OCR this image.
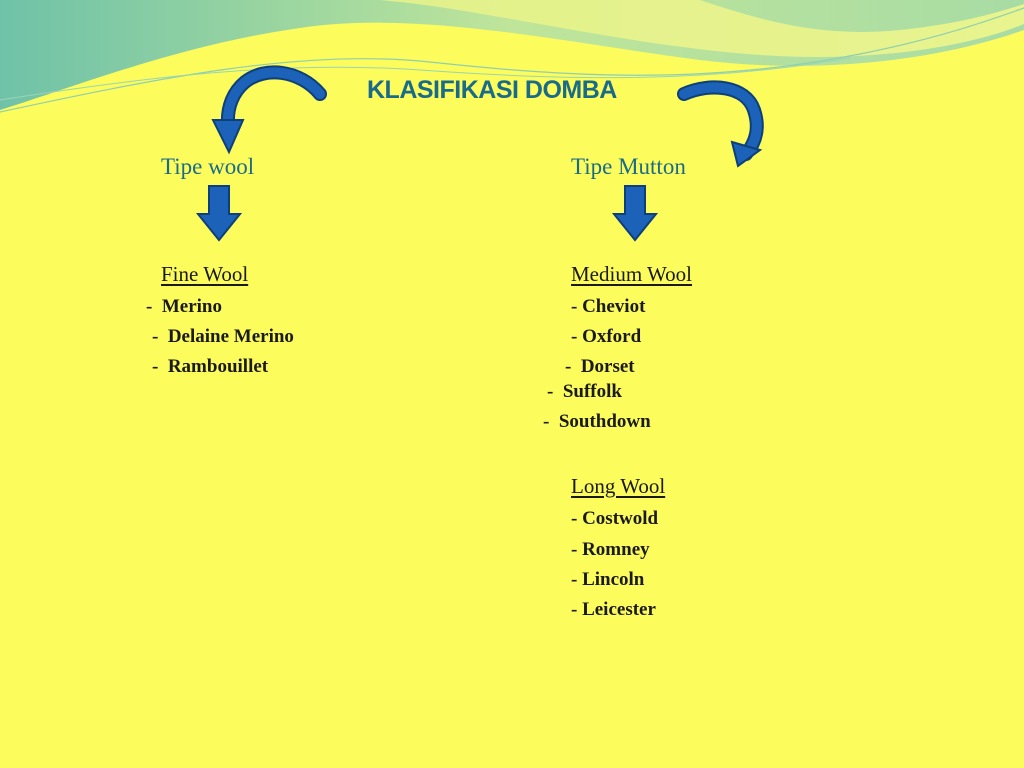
KLASIFIKASI DOMBA
Tipe wool	Tipe Mutton
Fine Wool

-  Merino

-  Delaine Merino

-  Rambouillet

Medium Wool

- Cheviot

- Oxford

-  Dorset

-  Suffolk

-  Southdown

Long Wool

- Costwold

- Romney

- Lincoln

- Leicester
